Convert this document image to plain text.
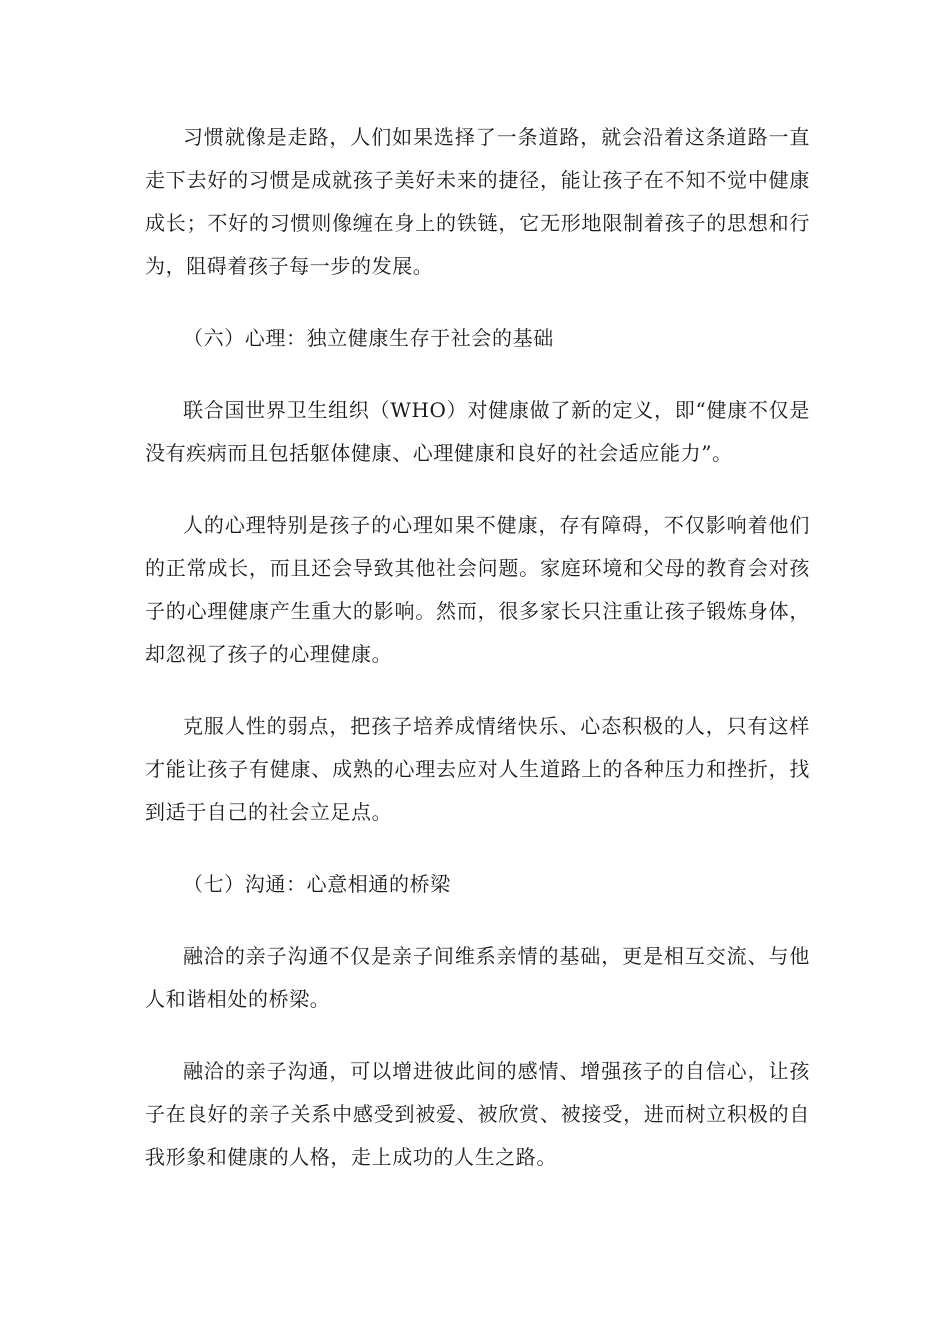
习惯就像是走路，人们如果选择了一条道路，就会沿着这条道路一直走下去好的习惯是成就孩子美好未来的捷径，能让孩子在不知不觉中健康成长；不好的习惯则像缠在身上的铁链，它无形地限制着孩子的思想和行为，阻碍着孩子每一步的发展。

（六）心理：独立健康生存于社会的基础

联合国世界卫生组织（WHO）对健康做了新的定义，即“健康不仅是没有疾病而且包括躯体健康、心理健康和良好的社会适应能力”。

人的心理特别是孩子的心理如果不健康，存有障碍，不仅影响着他们的正常成长，而且还会导致其他社会问题。家庭环境和父母的教育会对孩子的心理健康产生重大的影响。然而，很多家长只注重让孩子锻炼身体，却忽视了孩子的心理健康。

克服人性的弱点，把孩子培养成情绪快乐、心态积极的人，只有这样才能让孩子有健康、成熟的心理去应对人生道路上的各种压力和挫折，找到适于自己的社会立足点。

（七）沟通：心意相通的桥梁

融洽的亲子沟通不仅是亲子间维系亲情的基础，更是相互交流、与他人和谐相处的桥梁。

融洽的亲子沟通，可以增进彼此间的感情、增强孩子的自信心，让孩子在良好的亲子关系中感受到被爱、被欣赏、被接受，进而树立积极的自我形象和健康的人格，走上成功的人生之路。
